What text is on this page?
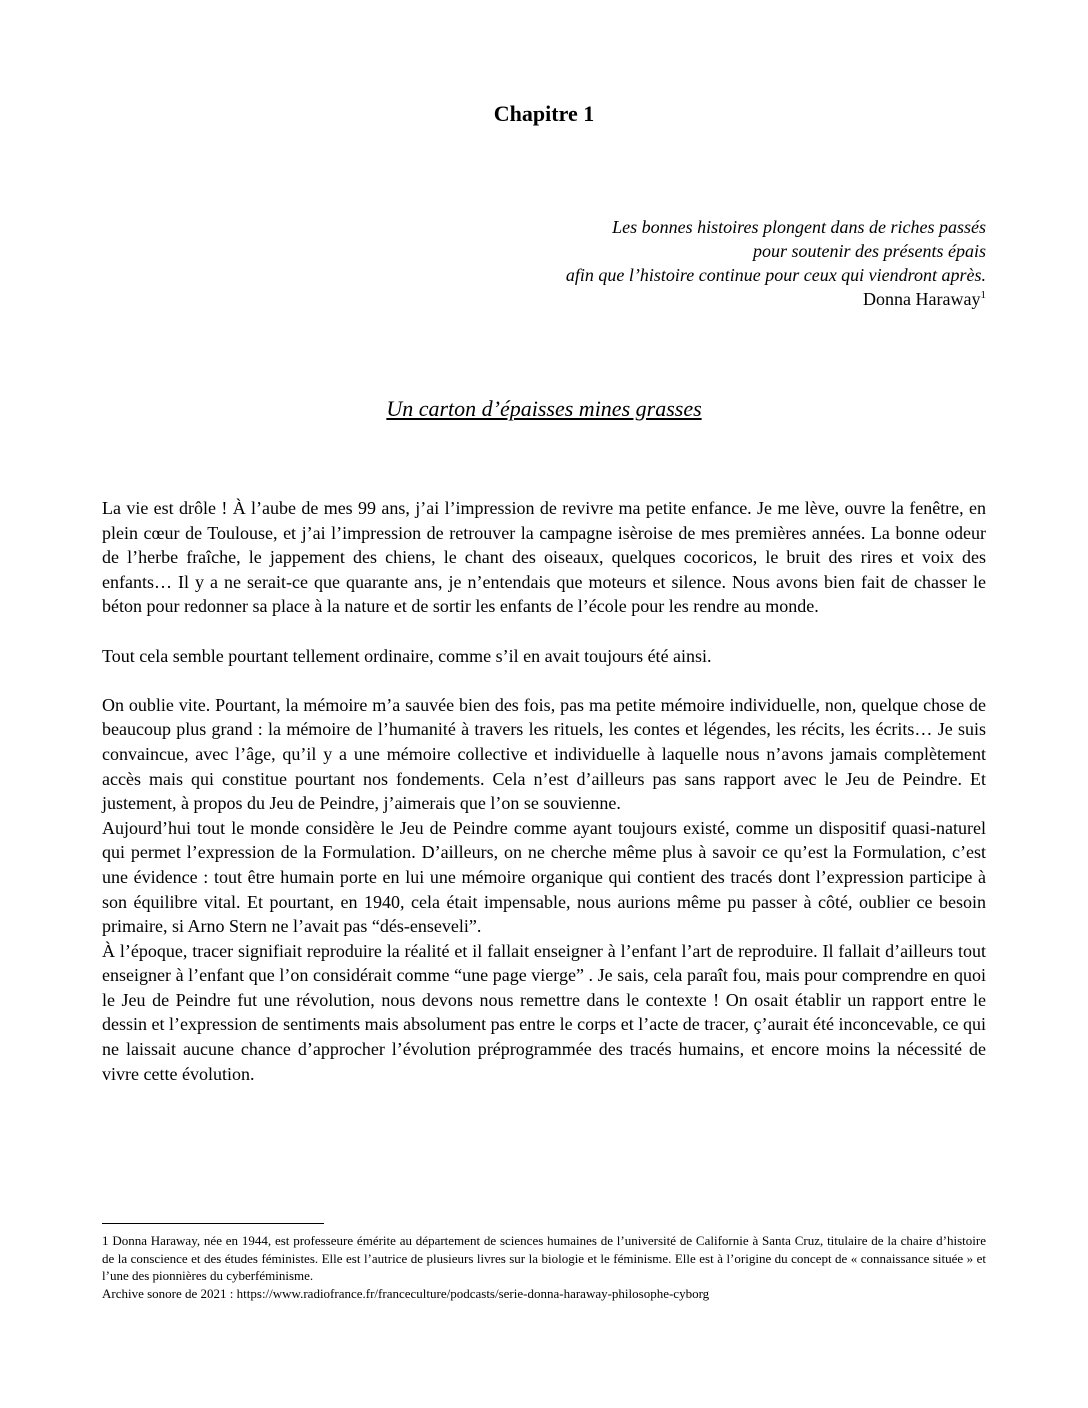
Chapitre 1
Les bonnes histoires plongent dans de riches passés
pour soutenir des présents épais
afin que l’histoire continue pour ceux qui viendront après.
Donna Haraway$^1$
Un carton d’épaisses mines grasses

La vie est drôle ! À l’aube de mes 99 ans, j’ai l’impression de revivre ma petite enfance. Je me lève, ouvre la fenêtre, en plein cœur de Toulouse, et j’ai l’impression de retrouver la campagne isèroise de mes premières années. La bonne odeur de l’herbe fraîche, le jappement des chiens, le chant des oiseaux, quelques cocoricos, le bruit des rires et voix des enfants… Il y a ne serait-ce que quarante ans, je n’entendais que moteurs et silence. Nous avons bien fait de chasser le béton pour redonner sa place à la nature et de sortir les enfants de l’école pour les rendre au monde.

Tout cela semble pourtant tellement ordinaire, comme s’il en avait toujours été ainsi.

On oublie vite. Pourtant, la mémoire m’a sauvée bien des fois, pas ma petite mémoire individuelle, non, quelque chose de beaucoup plus grand : la mémoire de l’humanité à travers les rituels, les contes et légendes, les récits, les écrits… Je suis convaincue, avec l’âge, qu’il y a une mémoire collective et individuelle à laquelle nous n’avons jamais complètement accès mais qui constitue pourtant nos fondements. Cela n’est d’ailleurs pas sans rapport avec le Jeu de Peindre. Et justement, à propos du Jeu de Peindre, j’aimerais que l’on se souvienne.

Aujourd’hui tout le monde considère le Jeu de Peindre comme ayant toujours existé, comme un dispositif quasi-naturel qui permet l’expression de la Formulation. D’ailleurs, on ne cherche même plus à savoir ce qu’est la Formulation, c’est une évidence : tout être humain porte en lui une mémoire organique qui contient des tracés dont l’expression participe à son équilibre vital. Et pourtant, en 1940, cela était impensable, nous aurions même pu passer à côté, oublier ce besoin primaire, si Arno Stern ne l’avait pas “dés-enseveli”.

À l’époque, tracer signifiait reproduire la réalité et il fallait enseigner à l’enfant l’art de reproduire. Il fallait d’ailleurs tout enseigner à l’enfant que l’on considérait comme “une page vierge” . Je sais, cela paraît fou, mais pour comprendre en quoi le Jeu de Peindre fut une révolution, nous devons nous remettre dans le contexte ! On osait établir un rapport entre le dessin et l’expression de sentiments mais absolument pas entre le corps et l’acte de tracer, ç’aurait été inconcevable, ce qui ne laissait aucune chance d’approcher l’évolution préprogrammée des tracés humains, et encore moins la nécessité de vivre cette évolution.

1 Donna Haraway, née en 1944, est professeure émérite au département de sciences humaines de l’université de Californie à Santa Cruz, titulaire de la chaire d’histoire de la conscience et des études féministes. Elle est l’autrice de plusieurs livres sur la biologie et le féminisme. Elle est à l’origine du concept de « connaissance située » et l’une des pionnières du cyberféminisme.

Archive sonore de 2021 : https://www.radiofrance.fr/franceculture/podcasts/serie-donna-haraway-philosophe-cyborg
